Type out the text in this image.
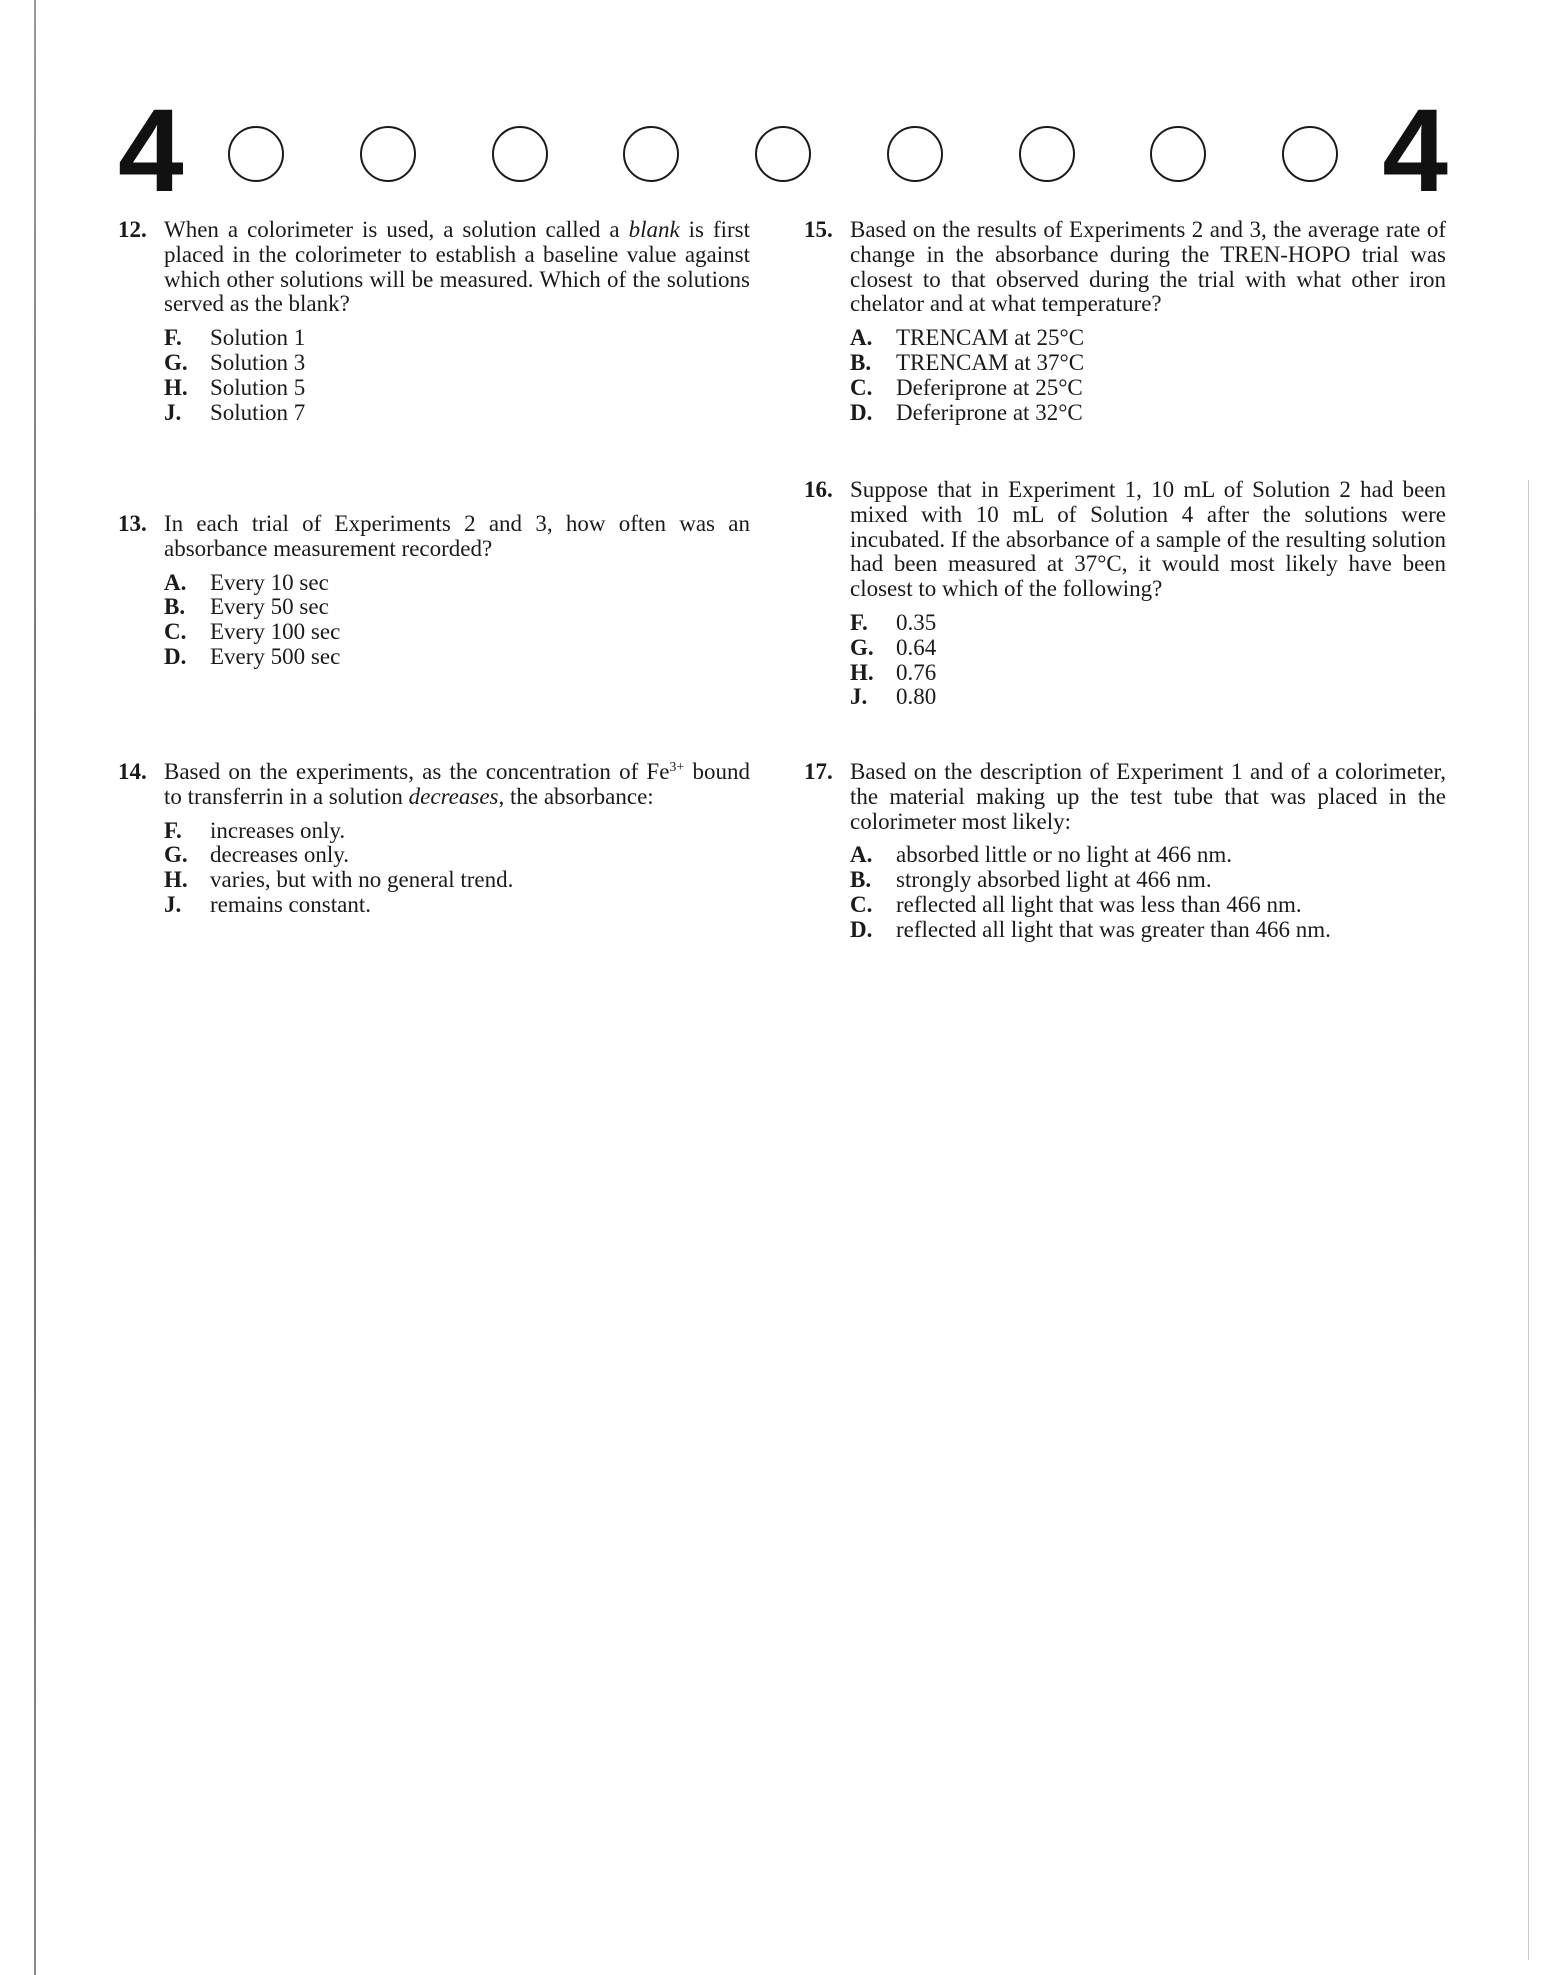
4	4
12. When a colorimeter is used, a solution called a blank is first placed in the colorimeter to establish a baseline value against which other solutions will be measured. Which of the solutions served as the blank?
F.	Solution 1
G. Solution 3
H. Solution 5
J.	Solution 7
13. In each trial of Experiments 2 and 3, how often was an absorbance measurement recorded?
A.	Every 10 sec
B.	Every 50 sec
C.	Every 100 sec
D.	Every 500 sec
14. Based on the experiments, as the concentration of $Fe^{3+}$ bound to transferrin in a solution decreases, the absorbance:
F.	increases only.
G. decreases only.
H. varies, but with no general trend.
J.	remains constant.
15. Based on the results of Experiments 2 and 3, the average rate of change in the absorbance during the TREN-HOPO trial was closest to that observed during the trial with what other iron chelator and at what temperature?
A.	TRENCAM at 25°C
B.	TRENCAM at 37°C
C.	Deferiprone at 25°C
D.	Deferiprone at 32°C
16. Suppose that in Experiment 1, 10 mL of Solution 2 had been mixed with 10 mL of Solution 4 after the solutions were incubated. If the absorbance of a sample of the resulting solution had been measured at 37°C, it would most likely have been closest to which of the following?
F.	0.35
G. 0.64
H. 0.76
J.	0.80
17. Based on the description of Experiment 1 and of a colorimeter, the material making up the test tube that was placed in the colorimeter most likely:
A.	absorbed little or no light at 466 nm.
B.	strongly absorbed light at 466 nm.
C.	reflected all light that was less than 466 nm.
D.	reflected all light that was greater than 466 nm.
